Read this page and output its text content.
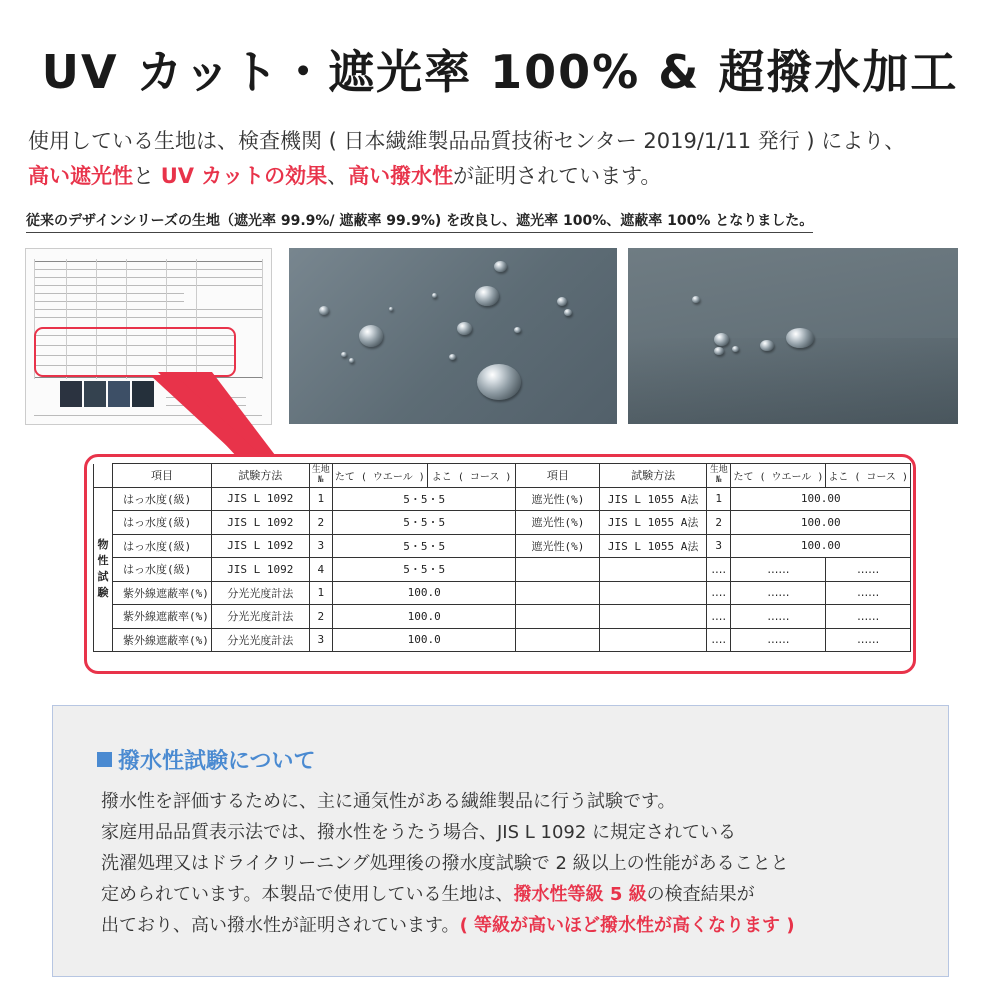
UV カット・遮光率 100% & 超撥水加工
使用している生地は、検査機関 ( 日本繊維製品品質技術センター 2019/1/11 発行 ) により、
高い遮光性と UV カットの効果、高い撥水性が証明されています。
従来のデザインシリーズの生地（遮光率 99.9%/ 遮蔽率 99.9%) を改良し、遮光率 100%、遮蔽率 100% となりました。
	項目	試験方法	生地№	たて ( ウエール )	よこ ( コース )	項目	試験方法	生地№	たて ( ウエール )	よこ ( コース )
物性試験	はっ水度(級)	JIS L 1092	1	5・5・5		遮光性(%)	JIS L 1055 A法	1	100.00	
	はっ水度(級)	JIS L 1092	2	5・5・5		遮光性(%)	JIS L 1055 A法	2	100.00	
	はっ水度(級)	JIS L 1092	3	5・5・5		遮光性(%)	JIS L 1055 A法	3	100.00	
	はっ水度(級)	JIS L 1092	4	5・5・5				‥‥	‥‥‥	‥‥‥
	紫外線遮蔽率(%)	分光光度計法	1	100.0				‥‥	‥‥‥	‥‥‥
	紫外線遮蔽率(%)	分光光度計法	2	100.0				‥‥	‥‥‥	‥‥‥
	紫外線遮蔽率(%)	分光光度計法	3	100.0				‥‥	‥‥‥	‥‥‥
撥水性試験について
撥水性を評価するために、主に通気性がある繊維製品に行う試験です。
家庭用品品質表示法では、撥水性をうたう場合、JIS L 1092 に規定されている
洗濯処理又はドライクリーニング処理後の撥水度試験で 2 級以上の性能があることと
定められています。本製品で使用している生地は、撥水性等級 5 級の検査結果が
出ており、高い撥水性が証明されています。( 等級が高いほど撥水性が高くなります )
